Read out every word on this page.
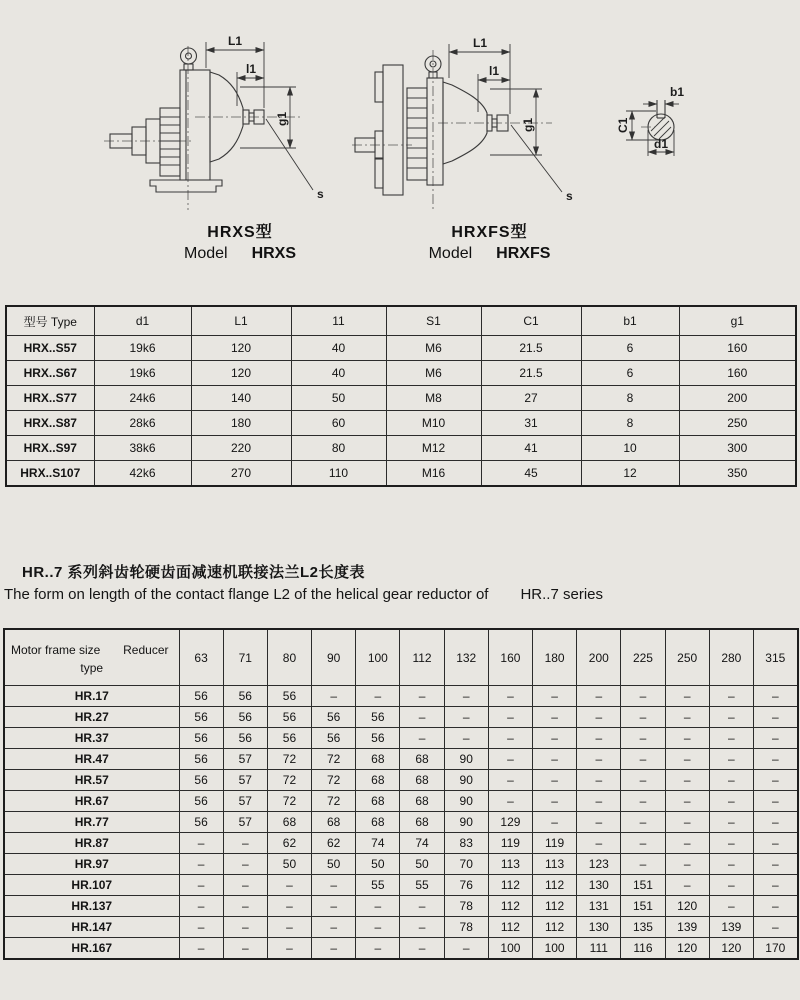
L1
l1
g1
s
L1
l1
g1
s
b1
C1
d1
HRXS型
Model HRXS
HRXFS型
Model HRXFS
型号 Type	d1	L1	11	S1	C1	b1	g1
HRX..S57	19k6	120	40	M6	21.5	6	160
HRX..S67	19k6	120	40	M6	21.5	6	160
HRX..S77	24k6	140	50	M8	27	8	200
HRX..S87	28k6	180	60	M10	31	8	250
HRX..S97	38k6	220	80	M12	41	10	300
HRX..S107	42k6	270	110	M16	45	12	350
HR..7 系列斜齿轮硬齿面减速机联接法兰L2长度表
The form on length of the contact flange L2 of the helical gear reductor of HR..7 series
Motor frame size Reducer
type	63	71	80	90	100	112	132	160	180	200	225	250	280	315
HR.17	56	56	56	–	–	–	–	–	–	–	–	–	–	–
HR.27	56	56	56	56	56	–	–	–	–	–	–	–	–	–
HR.37	56	56	56	56	56	–	–	–	–	–	–	–	–	–
HR.47	56	57	72	72	68	68	90	–	–	–	–	–	–	–
HR.57	56	57	72	72	68	68	90	–	–	–	–	–	–	–
HR.67	56	57	72	72	68	68	90	–	–	–	–	–	–	–
HR.77	56	57	68	68	68	68	90	129	–	–	–	–	–	–
HR.87	–	–	62	62	74	74	83	119	119	–	–	–	–	–
HR.97	–	–	50	50	50	50	70	113	113	123	–	–	–	–
HR.107	–	–	–	–	55	55	76	112	112	130	151	–	–	–
HR.137	–	–	–	–	–	–	78	112	112	131	151	120	–	–
HR.147	–	–	–	–	–	–	78	112	112	130	135	139	139	–
HR.167	–	–	–	–	–	–	–	100	100	111	116	120	120	170
